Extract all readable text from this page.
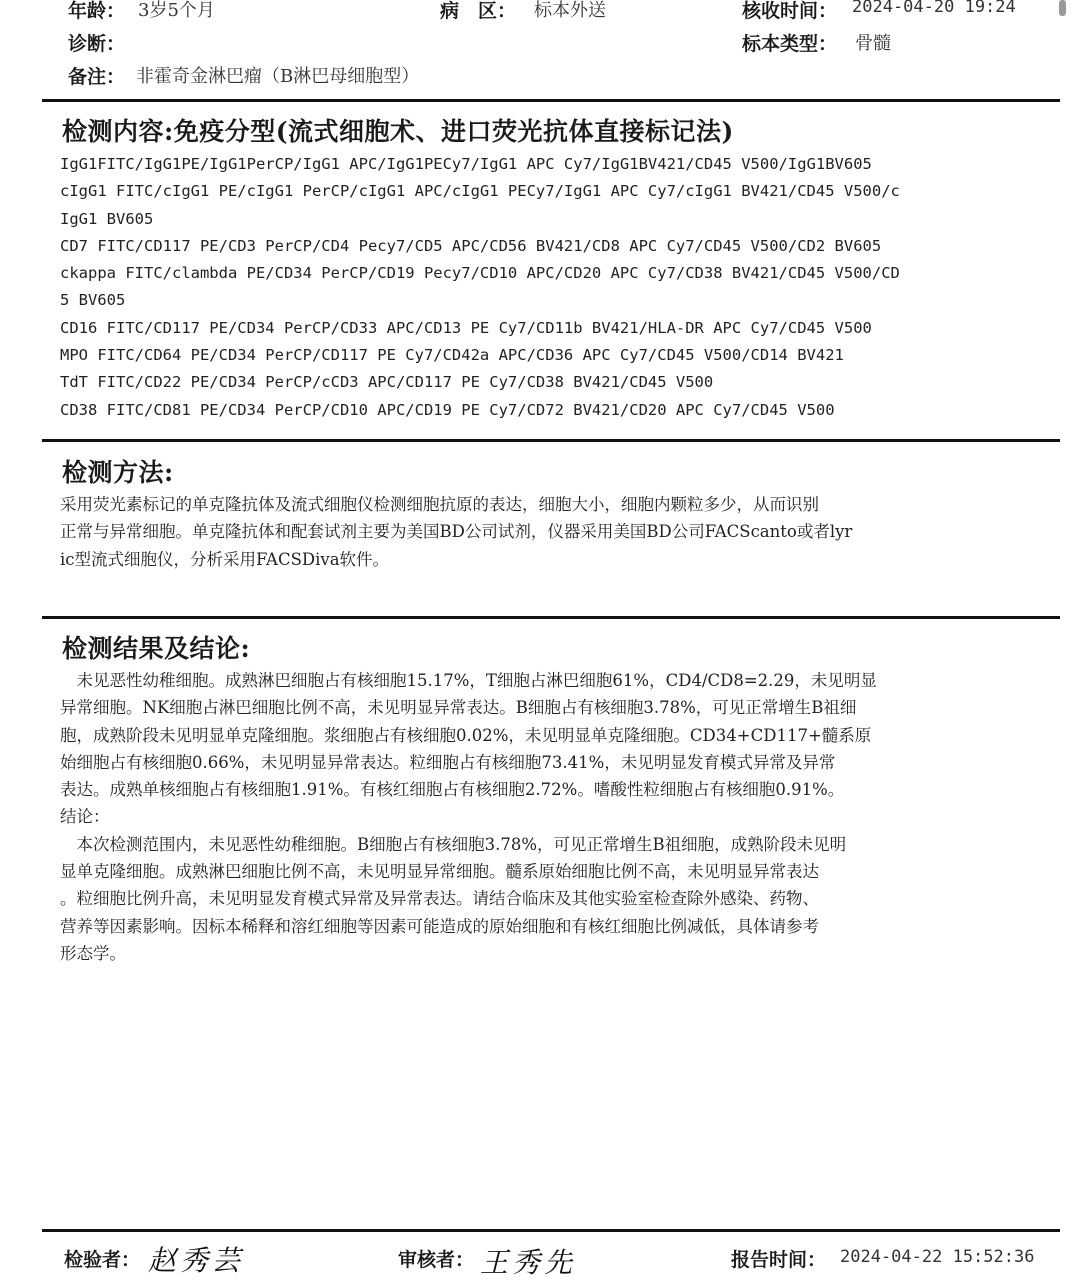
年龄： 3岁5个月	病　区： 标本外送	核收时间： 2024-04-20 19:24
诊断：	标本类型： 骨髓
备注： 非霍奇金淋巴瘤（B淋巴母细胞型）
检测内容:免疫分型(流式细胞术、进口荧光抗体直接标记法)
IgG1FITC/IgG1PE/IgG1PerCP/IgG1 APC/IgG1PECy7/IgG1 APC Cy7/IgG1BV421/CD45 V500/IgG1BV605
cIgG1 FITC/cIgG1 PE/cIgG1 PerCP/cIgG1 APC/cIgG1 PECy7/IgG1 APC Cy7/cIgG1 BV421/CD45 V500/c
IgG1 BV605
CD7 FITC/CD117 PE/CD3 PerCP/CD4 Pecy7/CD5 APC/CD56 BV421/CD8 APC Cy7/CD45 V500/CD2 BV605
ckappa FITC/clambda PE/CD34 PerCP/CD19 Pecy7/CD10 APC/CD20 APC Cy7/CD38 BV421/CD45 V500/CD
5 BV605
CD16 FITC/CD117 PE/CD34 PerCP/CD33 APC/CD13 PE Cy7/CD11b BV421/HLA-DR APC Cy7/CD45 V500
MPO FITC/CD64 PE/CD34 PerCP/CD117 PE Cy7/CD42a APC/CD36 APC Cy7/CD45 V500/CD14 BV421
TdT FITC/CD22 PE/CD34 PerCP/cCD3 APC/CD117 PE Cy7/CD38 BV421/CD45 V500
CD38 FITC/CD81 PE/CD34 PerCP/CD10 APC/CD19 PE Cy7/CD72 BV421/CD20 APC Cy7/CD45 V500
检测方法:
采用荧光素标记的单克隆抗体及流式细胞仪检测细胞抗原的表达，细胞大小，细胞内颗粒多少，从而识别
正常与异常细胞。单克隆抗体和配套试剂主要为美国BD公司试剂，仪器采用美国BD公司FACScanto或者lyr
ic型流式细胞仪，分析采用FACSDiva软件。
检测结果及结论:
　未见恶性幼稚细胞。成熟淋巴细胞占有核细胞15.17%，T细胞占淋巴细胞61%，CD4/CD8=2.29，未见明显
异常细胞。NK细胞占淋巴细胞比例不高，未见明显异常表达。B细胞占有核细胞3.78%，可见正常增生B祖细
胞，成熟阶段未见明显单克隆细胞。浆细胞占有核细胞0.02%，未见明显单克隆细胞。CD34+CD117+髓系原
始细胞占有核细胞0.66%，未见明显异常表达。粒细胞占有核细胞73.41%，未见明显发育模式异常及异常
表达。成熟单核细胞占有核细胞1.91%。有核红细胞占有核细胞2.72%。嗜酸性粒细胞占有核细胞0.91%。
结论：
　本次检测范围内，未见恶性幼稚细胞。B细胞占有核细胞3.78%，可见正常增生B祖细胞，成熟阶段未见明
显单克隆细胞。成熟淋巴细胞比例不高，未见明显异常细胞。髓系原始细胞比例不高，未见明显异常表达
。粒细胞比例升高，未见明显发育模式异常及异常表达。请结合临床及其他实验室检查除外感染、药物、
营养等因素影响。因标本稀释和溶红细胞等因素可能造成的原始细胞和有核红细胞比例减低，具体请参考
形态学。
检验者： 赵秀芸	审核者： 王秀先	报告时间： 2024-04-22 15:52:36
